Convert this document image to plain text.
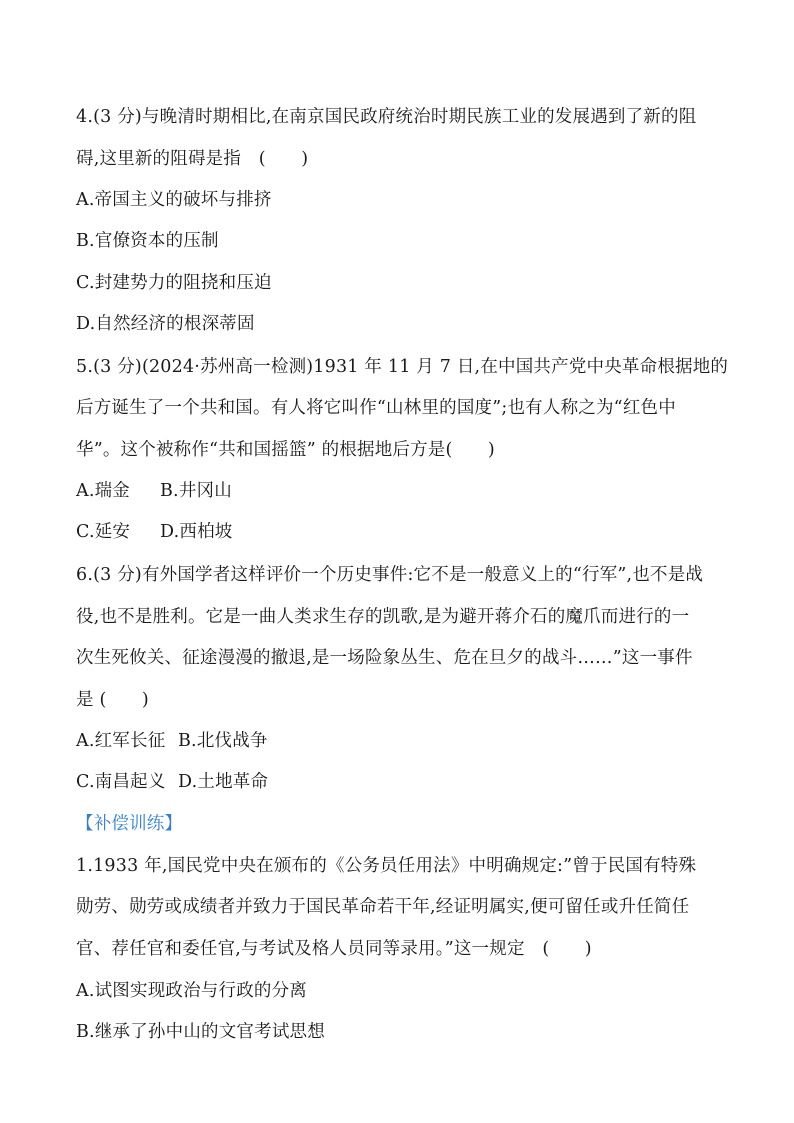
4.(3 分)与晚清时期相比,在南京国民政府统治时期民族工业的发展遇到了新的阻
碍,这里新的阻碍是指　(　　)
A.帝国主义的破坏与排挤
B.官僚资本的压制
C.封建势力的阻挠和压迫
D.自然经济的根深蒂固
5.(3 分)(2024·苏州高一检测)1931 年 11 月 7 日,在中国共产党中央革命根据地的
后方诞生了一个共和国。有人将它叫作“山林里的国度”;也有人称之为“红色中
华”。这个被称作“共和国摇篮” 的根据地后方是(　　)
A.瑞金 B.井冈山
C.延安 D.西柏坡
6.(3 分)有外国学者这样评价一个历史事件:它不是一般意义上的“行军”,也不是战
役,也不是胜利。它是一曲人类求生存的凯歌,是为避开蒋介石的魔爪而进行的一
次生死攸关、征途漫漫的撤退,是一场险象丛生、危在旦夕的战斗……”这一事件
是 (　　)
A.红军长征 B.北伐战争
C.南昌起义 D.土地革命
【补偿训练】
1.1933 年,国民党中央在颁布的《公务员任用法》中明确规定:”曾于民国有特殊
勋劳、勋劳或成绩者并致力于国民革命若干年,经证明属实,便可留任或升任简任
官、荐任官和委任官,与考试及格人员同等录用。”这一规定　(　　)
A.试图实现政治与行政的分离
B.继承了孙中山的文官考试思想
